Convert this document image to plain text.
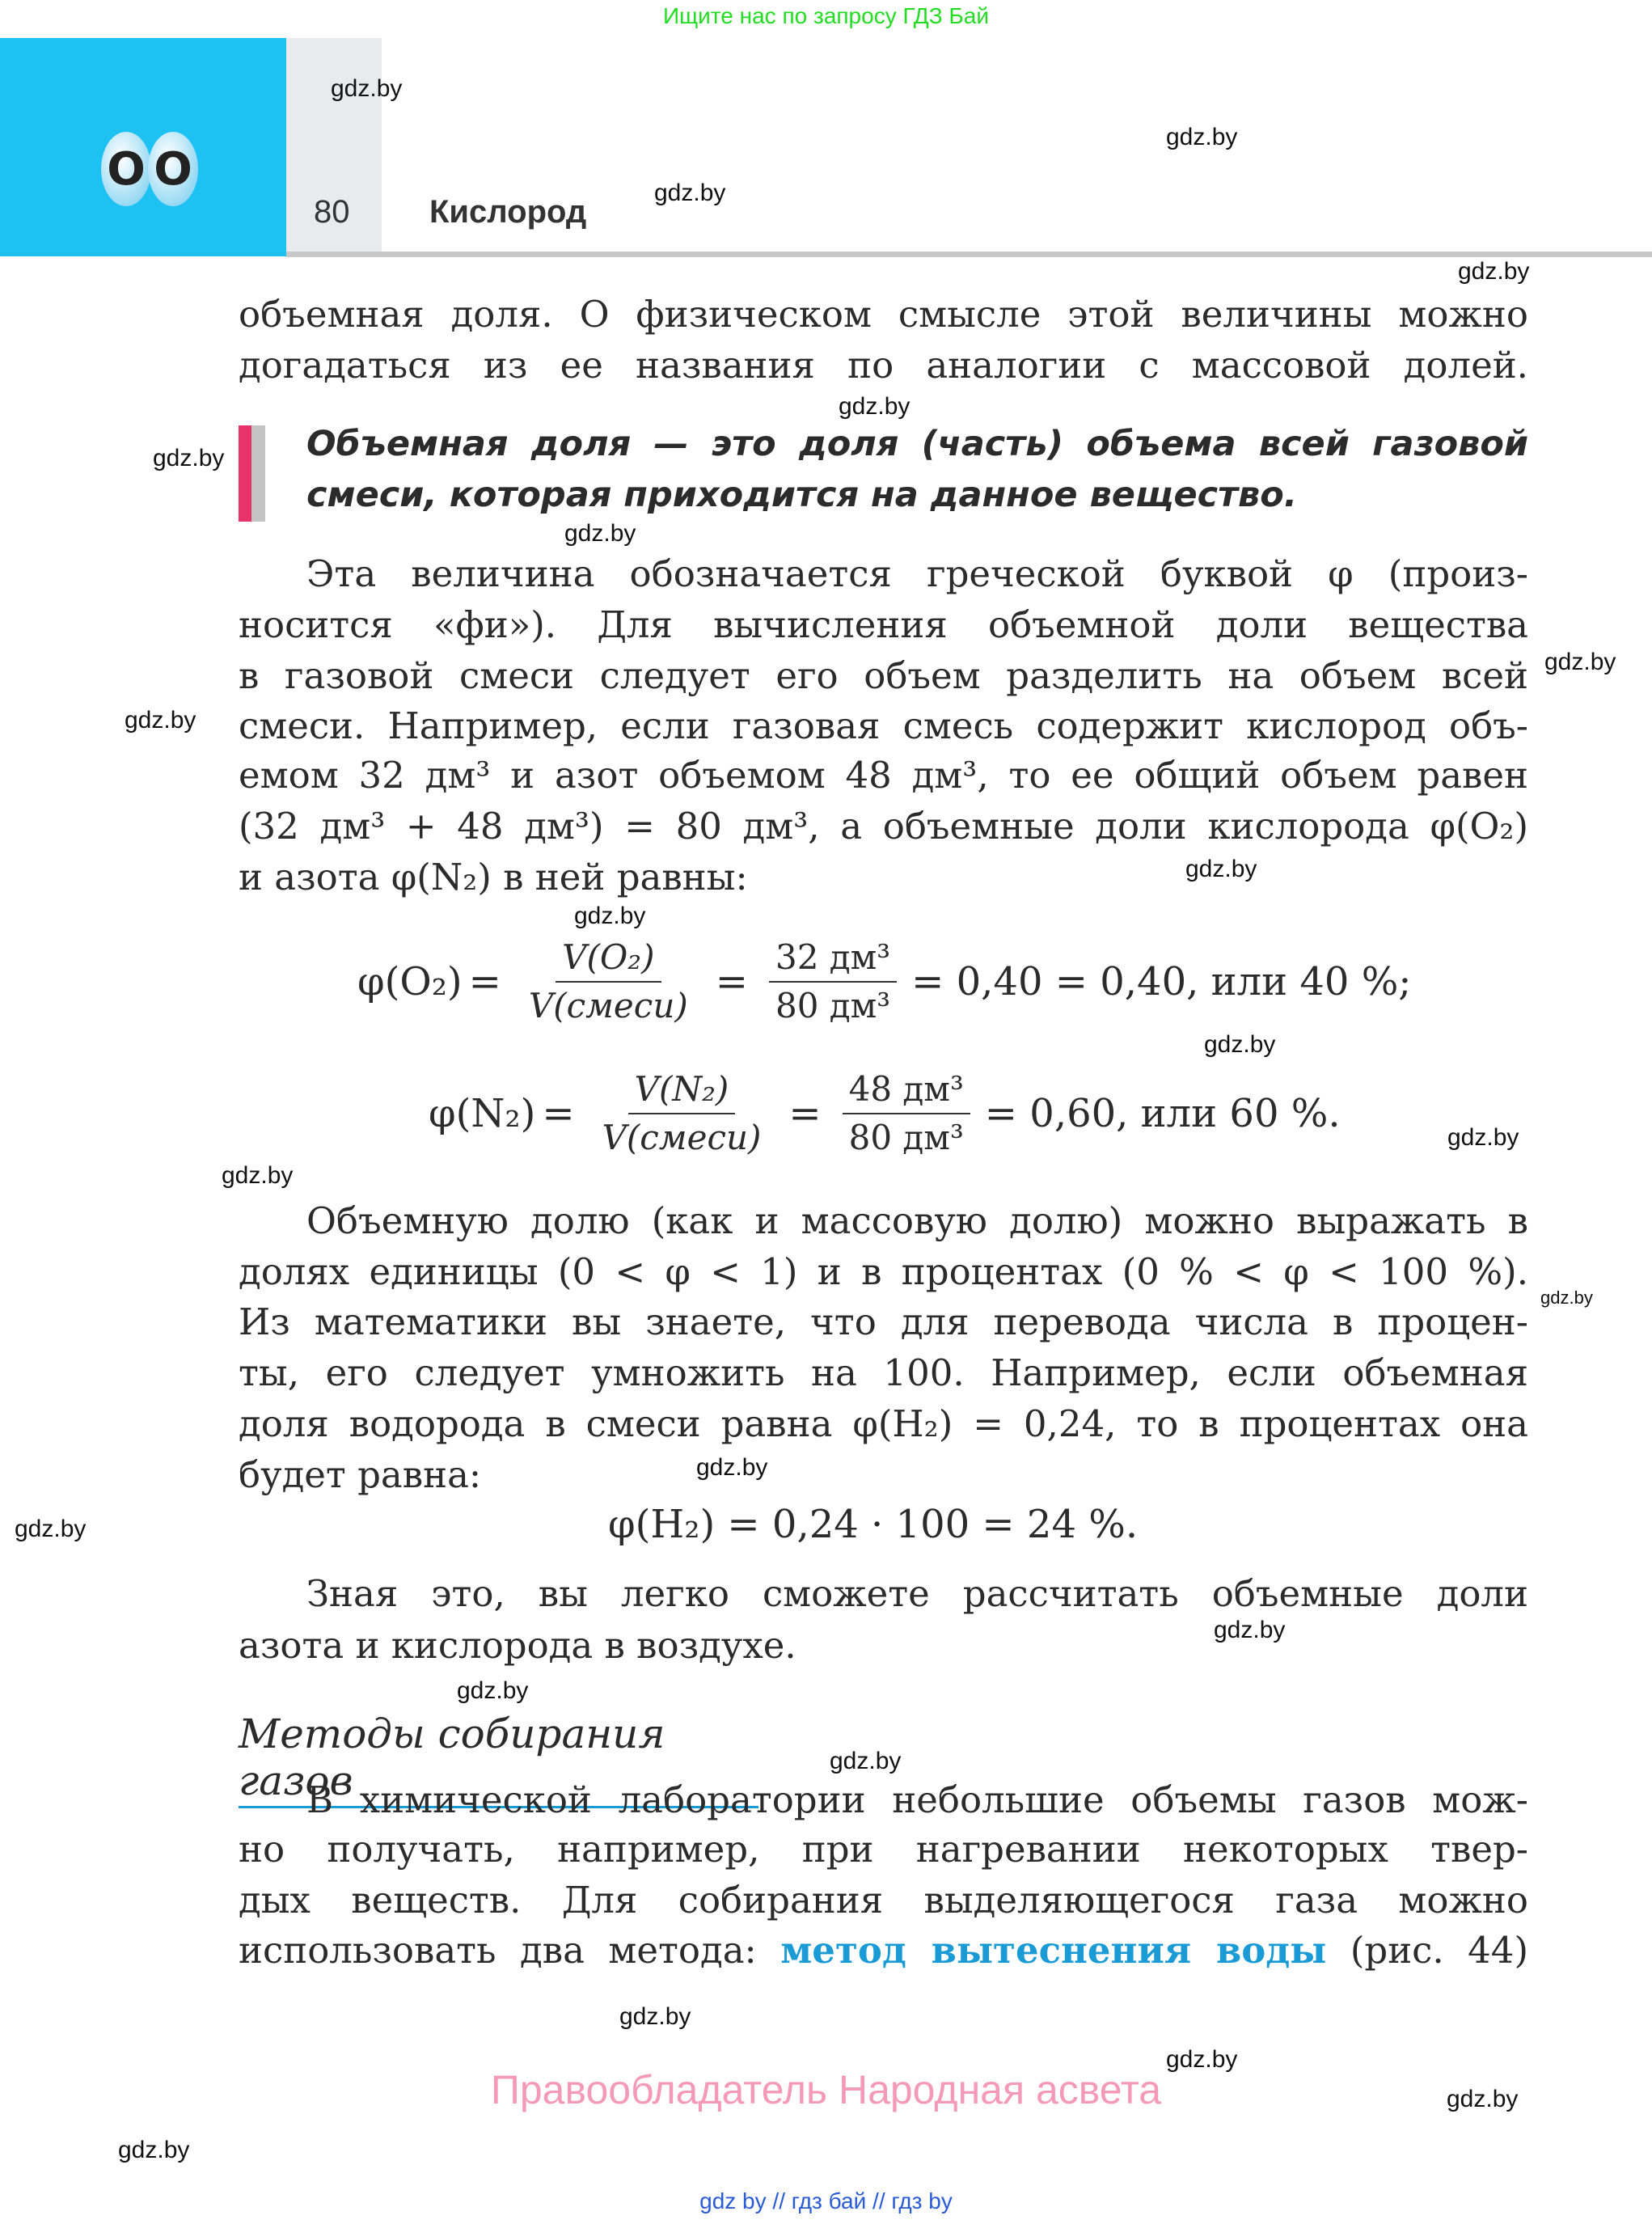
Ищите нас по запросу ГДЗ Бай
O O
80 Кислород
объемная доля. О физическом смысле этой величины можно
догадаться из ее названия по аналогии с массовой долей.
Объемная доля — это доля (часть) объема всей газовой
смеси, которая приходится на данное вещество.
Эта величина обозначается греческой буквой φ (произ-
носится «фи»). Для вычисления объемной доли вещества
в газовой смеси следует его объем разделить на объем всей
смеси. Например, если газовая смесь содержит кислород объ-
емом 32 дм³ и азот объемом 48 дм³, то ее общий объем равен
(32 дм³ + 48 дм³) = 80 дм³, а объемные доли кислорода φ(O₂)
и азота φ(N₂) в ней равны:
$\varphi(O_2) = \frac{\text{V(O₂)}}{\text{V(смеси)}} = \frac{\text{32 дм³}}{\text{80 дм³}} = 0,40 = 0,40$, или 40 %;
$\varphi(N_2) = \frac{\text{V(N₂)}}{\text{V(смеси)}} = \frac{\text{48 дм³}}{\text{80 дм³}} = 0,60$, или 60 %.
Объемную долю (как и массовую долю) можно выражать в
долях единицы (0 < φ < 1) и в процентах (0 % < φ < 100 %).
Из математики вы знаете, что для перевода числа в процен-
ты, его следует умножить на 100. Например, если объемная
доля водорода в смеси равна φ(H₂) = 0,24, то в процентах она
будет равна:
φ(H₂) = 0,24 · 100 = 24 %.
Зная это, вы легко сможете рассчитать объемные доли
азота и кислорода в воздухе.
Методы собирания газов
В химической лаборатории небольшие объемы газов мож-
но получать, например, при нагревании некоторых твер-
дых веществ. Для собирания выделяющегося газа можно
использовать два метода: метод вытеснения воды (рис. 44)
Правообладатель Народная асвета
gdz by // гдз бай // гдз by
gdz.by
gdz.by
gdz.by
gdz.by
gdz.by
gdz.by
gdz.by
gdz.by
gdz.by
gdz.by
gdz.by
gdz.by
gdz.by
gdz.by
gdz.by
gdz.by
gdz.by
gdz.by
gdz.by
gdz.by
gdz.by
gdz.by
gdz.by
gdz.by
